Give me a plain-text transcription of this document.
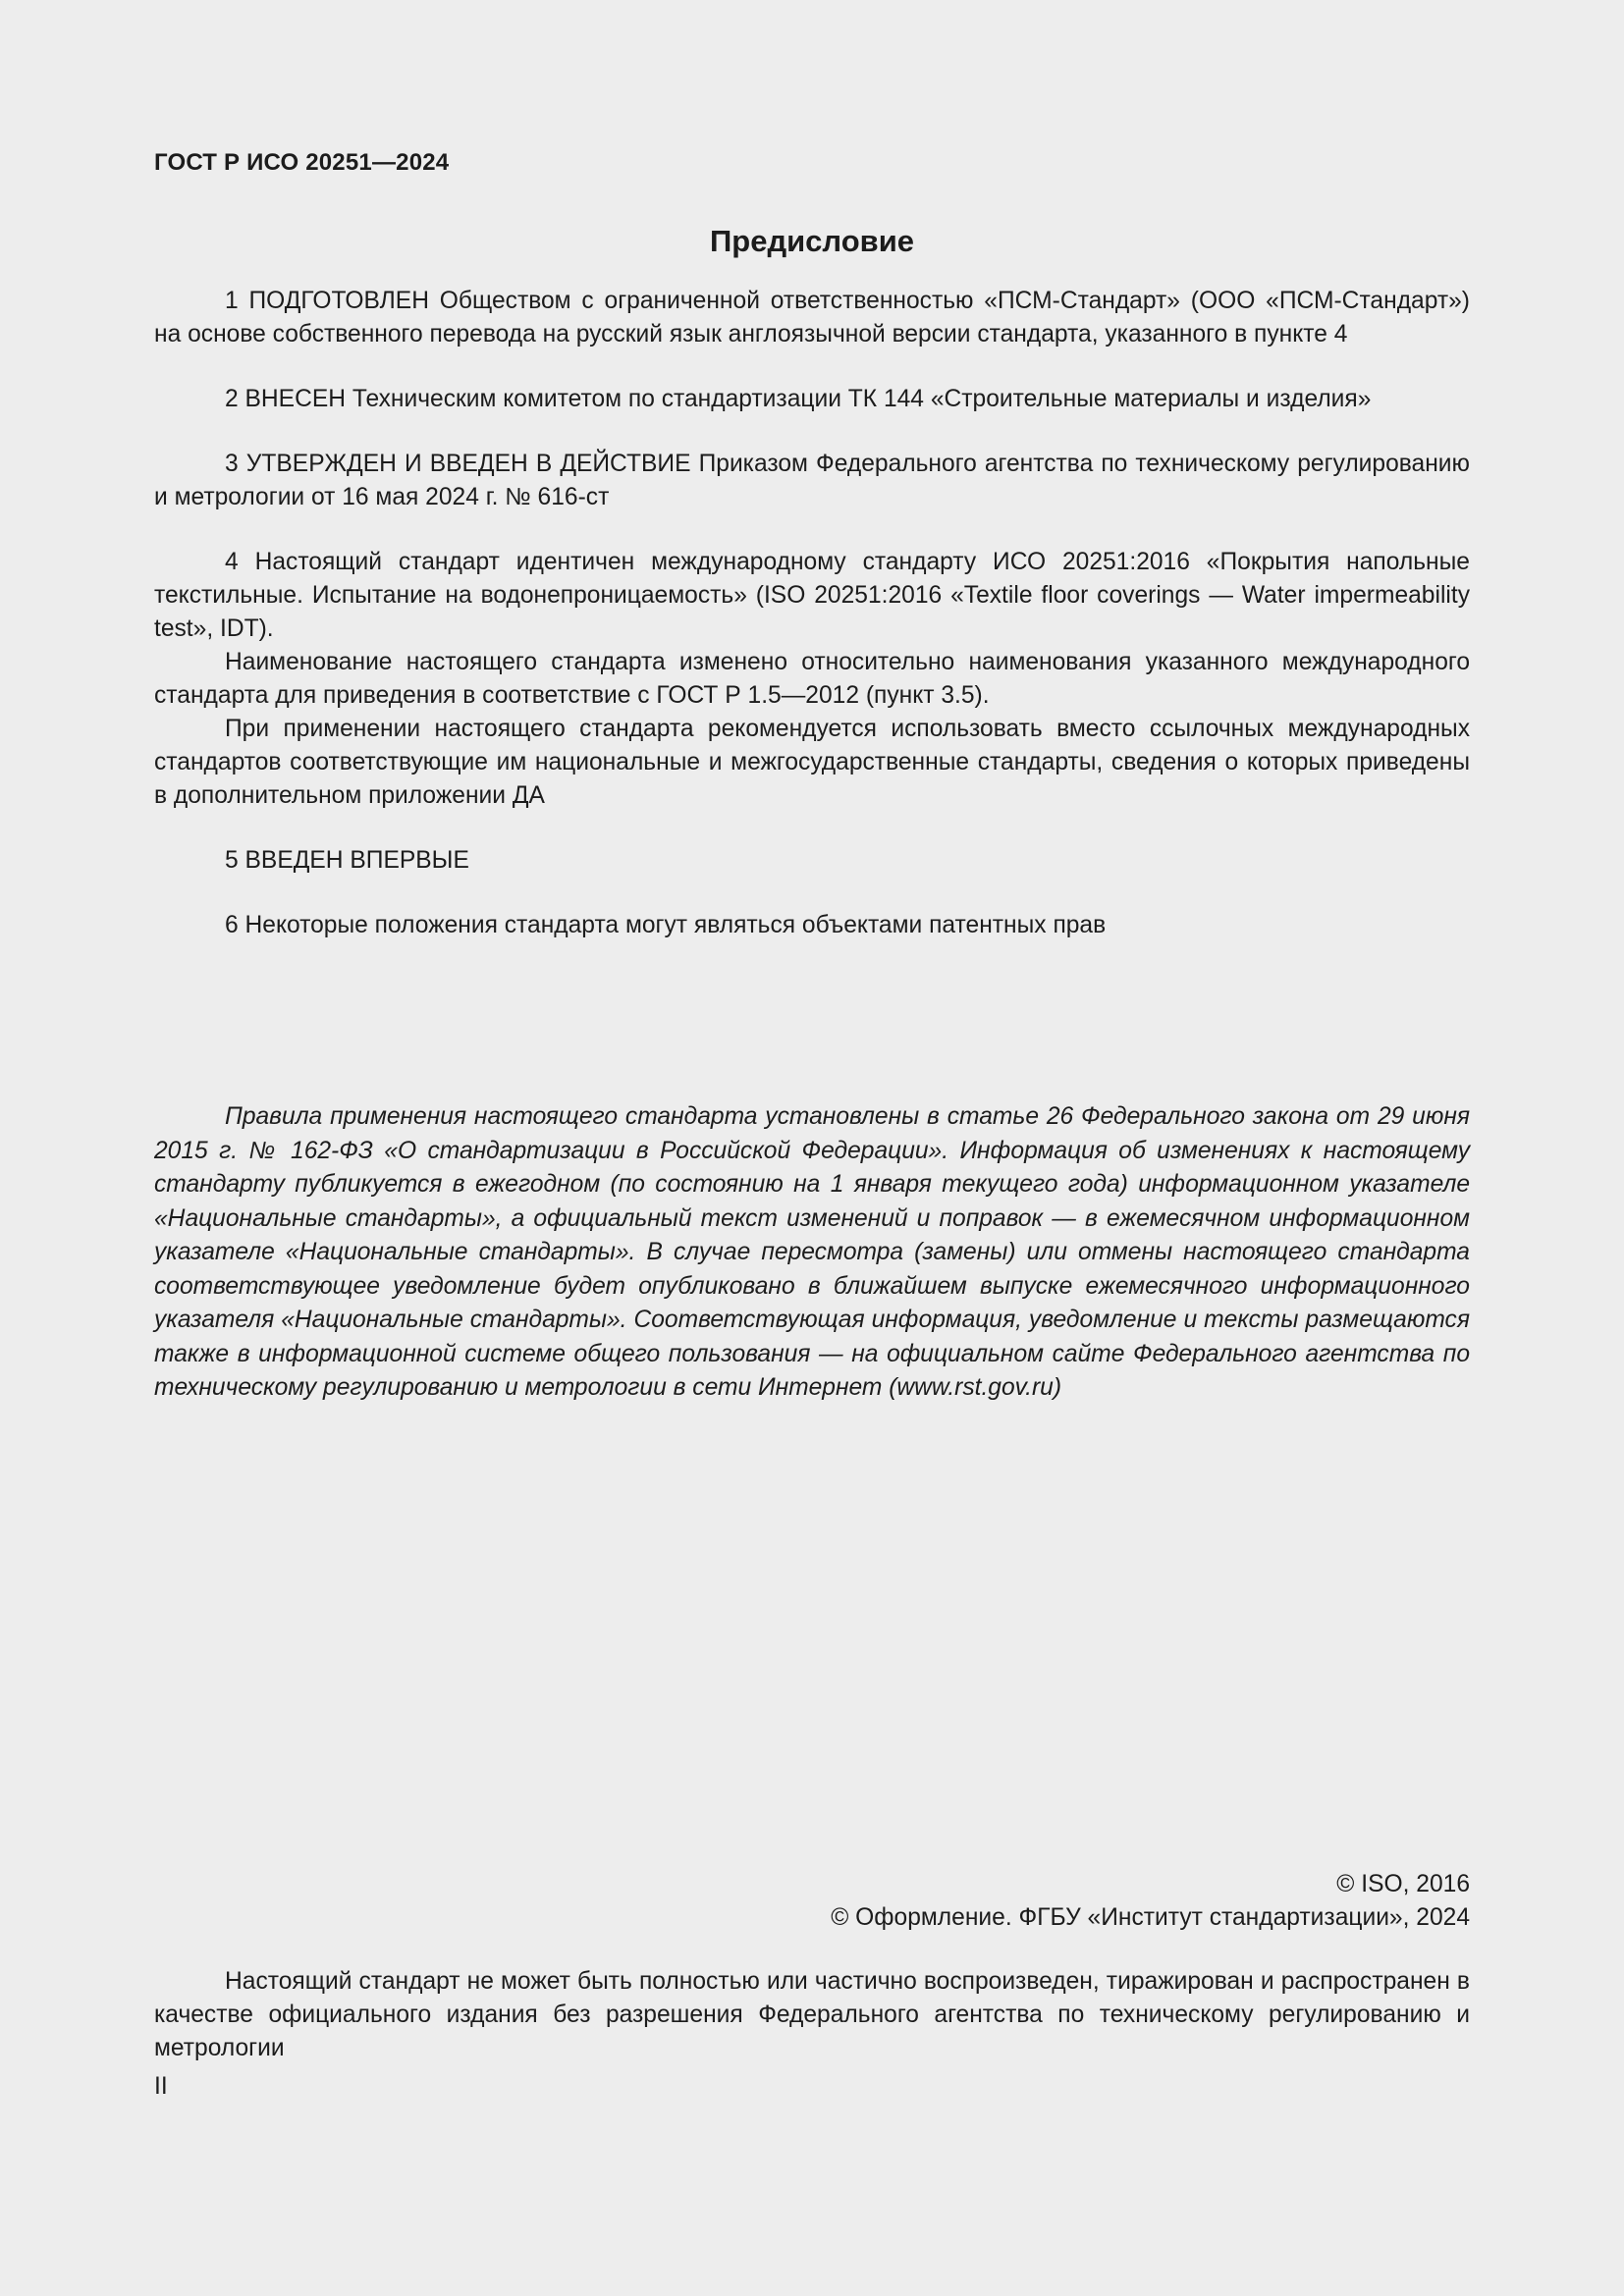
ГОСТ Р ИСО 20251—2024
Предисловие

1 ПОДГОТОВЛЕН Обществом с ограниченной ответственностью «ПСМ-Стандарт» (ООО «ПСМ-Стандарт») на основе собственного перевода на русский язык англоязычной версии стандарта, указанного в пункте 4

2 ВНЕСЕН Техническим комитетом по стандартизации ТК 144 «Строительные материалы и изделия»

3 УТВЕРЖДЕН И ВВЕДЕН В ДЕЙСТВИЕ Приказом Федерального агентства по техническому регулированию и метрологии от 16 мая 2024 г. № 616-ст

4 Настоящий стандарт идентичен международному стандарту ИСО 20251:2016 «Покрытия напольные текстильные. Испытание на водонепроницаемость» (ISO 20251:2016 «Textile floor coverings — Water impermeability test», IDT).

Наименование настоящего стандарта изменено относительно наименования указанного международного стандарта для приведения в соответствие с ГОСТ Р 1.5—2012 (пункт 3.5).

При применении настоящего стандарта рекомендуется использовать вместо ссылочных международных стандартов соответствующие им национальные и межгосударственные стандарты, сведения о которых приведены в дополнительном приложении ДА

5 ВВЕДЕН ВПЕРВЫЕ

6 Некоторые положения стандарта могут являться объектами патентных прав

Правила применения настоящего стандарта установлены в статье 26 Федерального закона от 29 июня 2015 г. № 162-ФЗ «О стандартизации в Российской Федерации». Информация об изменениях к настоящему стандарту публикуется в ежегодном (по состоянию на 1 января текущего года) информационном указателе «Национальные стандарты», а официальный текст изменений и поправок — в ежемесячном информационном указателе «Национальные стандарты». В случае пересмотра (замены) или отмены настоящего стандарта соответствующее уведомление будет опубликовано в ближайшем выпуске ежемесячного информационного указателя «Национальные стандарты». Соответствующая информация, уведомление и тексты размещаются также в информационной системе общего пользования — на официальном сайте Федерального агентства по техническому регулированию и метрологии в сети Интернет (www.rst.gov.ru)

© ISO, 2016
© Оформление. ФГБУ «Институт стандартизации», 2024

Настоящий стандарт не может быть полностью или частично воспроизведен, тиражирован и распространен в качестве официального издания без разрешения Федерального агентства по техническому регулированию и метрологии

II
